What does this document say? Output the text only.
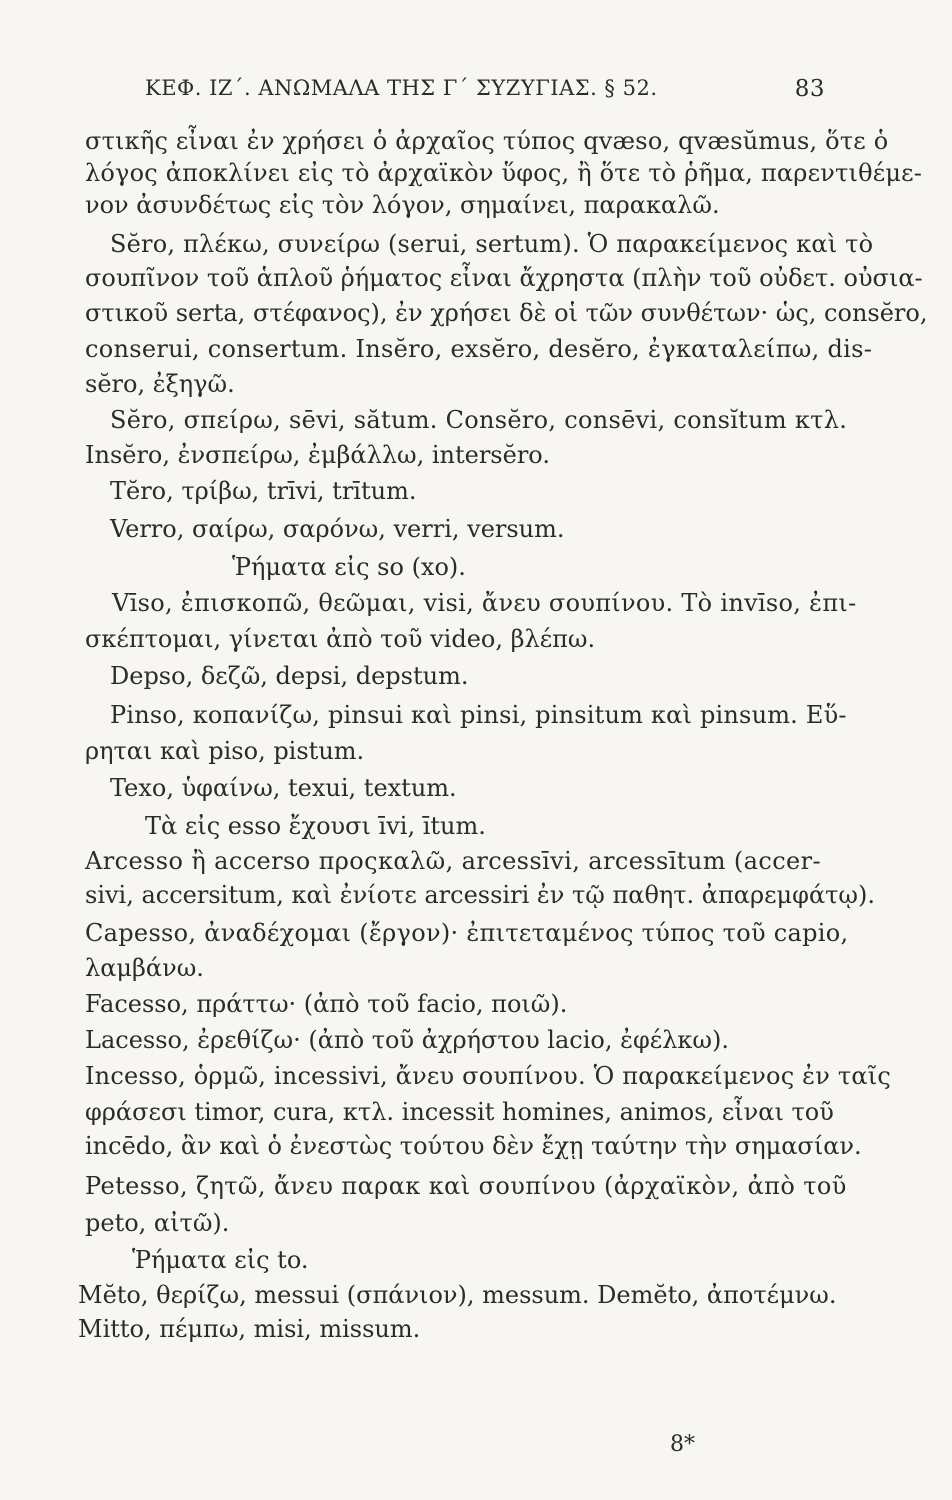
ΚΕΦ. ΙΖ΄. ΑΝΩΜΑΛΑ ΤΗΣ Γ΄ ΣΥΖΥΓΙΑΣ. § 52.	83
στικῆς εἶναι ἐν χρήσει ὁ ἀρχαῖος τύπος qvæso, qvæsŭmus, ὅτε ὁ
λόγος ἀποκλίνει εἰς τὸ ἀρχαϊκὸν ὕφος, ἢ ὅτε τὸ ῥῆμα, παρεντιθέμε-
νον ἀσυνδέτως εἰς τὸν λόγον, σημαίνει, παρακαλῶ.
Sĕro, πλέκω, συνείρω (serui, sertum). Ὁ παρακείμενος καὶ τὸ
σουπῖνον τοῦ ἁπλοῦ ῥήματος εἶναι ἄχρηστα (πλὴν τοῦ οὐδετ. οὐσια-
στικοῦ serta, στέφανος), ἐν χρήσει δὲ οἱ τῶν συνθέτων· ὡς, consĕro,
conserui, consertum. Insĕro, exsĕro, desĕro, ἐγκαταλείπω, dis-
sĕro, ἐξηγῶ.
Sĕro, σπείρω, sēvi, sătum. Consĕro, consēvi, consĭtum κτλ.
Insĕro, ἐνσπείρω, ἐμβάλλω, intersĕro.
Tĕro, τρίβω, trīvi, trītum.
Verro, σαίρω, σαρόνω, verri, versum.
Ῥήματα εἰς so (xo).
Vīso, ἐπισκοπῶ, θεῶμαι, visi, ἄνευ σουπίνου. Τὸ invīso, ἐπι-
σκέπτομαι, γίνεται ἀπὸ τοῦ video, βλέπω.
Depso, δεζῶ, depsi, depstum.
Pinso, κοπανίζω, pinsui καὶ pinsi, pinsitum καὶ pinsum. Εὕ-
ρηται καὶ piso, pistum.
Texo, ὑφαίνω, texui, textum.
Τὰ εἰς esso ἔχουσι īvi, ītum.
Arcesso ἢ accerso προςκαλῶ, arcessīvi, arcessītum (accer-
sivi, accersitum, καὶ ἐνίοτε arcessiri ἐν τῷ παθητ. ἀπαρεμφάτῳ).
Capesso, ἀναδέχομαι (ἔργον)· ἐπιτεταμένος τύπος τοῦ capio,
λαμβάνω.
Facesso, πράττω· (ἀπὸ τοῦ facio, ποιῶ).
Lacesso, ἐρεθίζω· (ἀπὸ τοῦ ἀχρήστου lacio, ἐφέλκω).
Incesso, ὁρμῶ, incessivi, ἄνευ σουπίνου. Ὁ παρακείμενος ἐν ταῖς
φράσεσι timor, cura, κτλ. incessit homines, animos, εἶναι τοῦ
incēdo, ἂν καὶ ὁ ἐνεστὼς τούτου δὲν ἔχῃ ταύτην τὴν σημασίαν.
Petesso, ζητῶ, ἄνευ παρακ καὶ σουπίνου (ἀρχαϊκὸν, ἀπὸ τοῦ
peto, αἰτῶ).
Ῥήματα εἰς to.
Mĕto, θερίζω, messui (σπάνιον), messum. Demĕto, ἀποτέμνω.
Mitto, πέμπω, misi, missum.
8*
